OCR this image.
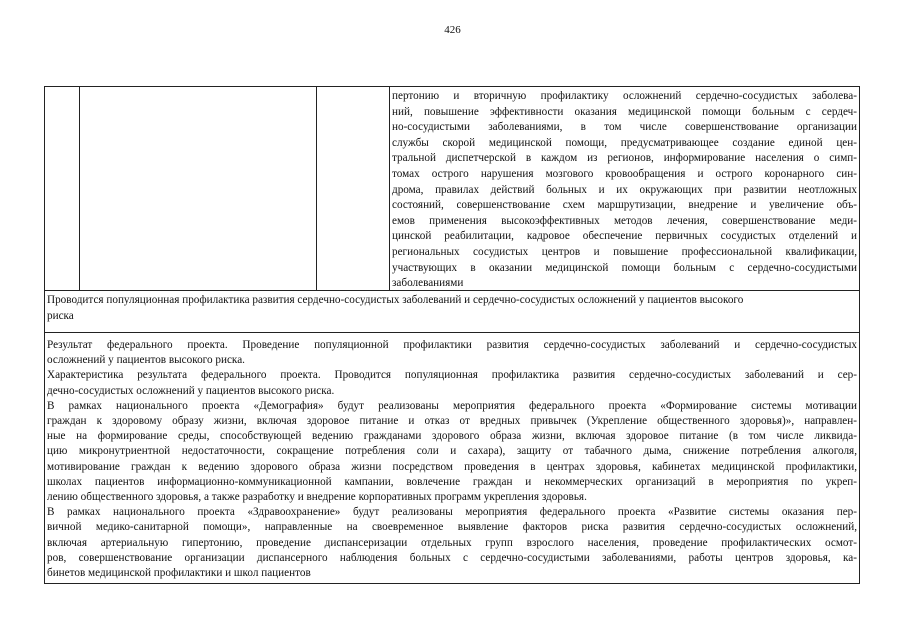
426

пертонию и вторичную профилактику осложнений сердечно-сосудистых заболева-

ний, повышение эффективности оказания медицинской помощи больным с сердеч-

но-сосудистыми заболеваниями, в том числе совершенствование организации

службы скорой медицинской помощи, предусматривающее создание единой цен-

тральной диспетчерской в каждом из регионов, информирование населения о симп-

томах острого нарушения мозгового кровообращения и острого коронарного син-

дрома, правилах действий больных и их окружающих при развитии неотложных

состояний, совершенствование схем маршрутизации, внедрение и увеличение объ-

емов применения высокоэффективных методов лечения, совершенствование меди-

цинской реабилитации, кадровое обеспечение первичных сосудистых отделений и

региональных сосудистых центров и повышение профессиональной квалификации,

участвующих в оказании медицинской помощи больным с сердечно-сосудистыми

заболеваниями

Проводится популяционная профилактика развития сердечно-сосудистых заболеваний и сердечно-сосудистых осложнений у пациентов высокого

риска

Результат федерального проекта. Проведение популяционной профилактики развития сердечно-сосудистых заболеваний и сердечно-сосудистых

осложнений у пациентов высокого риска.

Характеристика результата федерального проекта. Проводится популяционная профилактика развития сердечно-сосудистых заболеваний и сер-

дечно-сосудистых осложнений у пациентов высокого риска.

В рамках национального проекта «Демография» будут реализованы мероприятия федерального проекта «Формирование системы мотивации

граждан к здоровому образу жизни, включая здоровое питание и отказ от вредных привычек (Укрепление общественного здоровья)», направлен-

ные на формирование среды, способствующей ведению гражданами здорового образа жизни, включая здоровое питание (в том числе ликвида-

цию микронутриентной недостаточности, сокращение потребления соли и сахара), защиту от табачного дыма, снижение потребления алкоголя,

мотивирование граждан к ведению здорового образа жизни посредством проведения в центрах здоровья, кабинетах медицинской профилактики,

школах пациентов информационно-коммуникационной кампании, вовлечение граждан и некоммерческих организаций в мероприятия по укреп-

лению общественного здоровья, а также разработку и внедрение корпоративных программ укрепления здоровья.

В рамках национального проекта «Здравоохранение» будут реализованы мероприятия федерального проекта «Развитие системы оказания пер-

вичной медико-санитарной помощи», направленные на своевременное выявление факторов риска развития сердечно-сосудистых осложнений,

включая артериальную гипертонию, проведение диспансеризации отдельных групп взрослого населения, проведение профилактических осмот-

ров, совершенствование организации диспансерного наблюдения больных с сердечно-сосудистыми заболеваниями, работы центров здоровья, ка-

бинетов медицинской профилактики и школ пациентов
